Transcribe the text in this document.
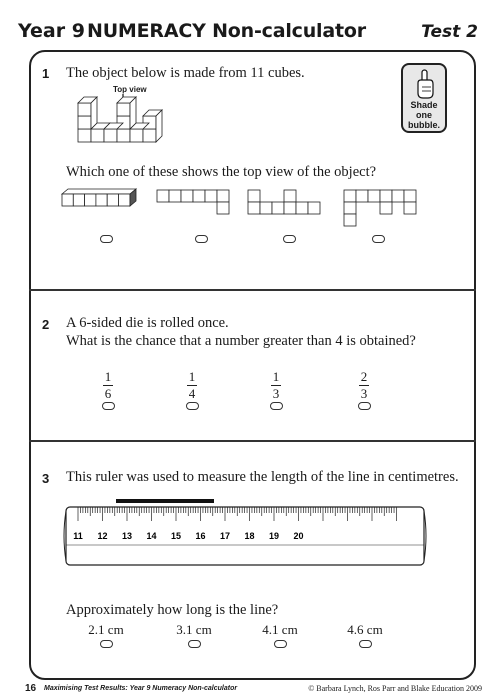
Year 9 NUMERACY Non-calculator	Test 2
Shade
one
bubble.
1 The object below is made from 11 cubes.
Top view
Which one of these shows the top view of the object?
2 A 6-sided die is rolled once.
What is the chance that a number greater than 4 is obtained?
1
6
1
4
1
3
2
3
3 This ruler was used to measure the length of the line in centimetres.
11 12 13 14 15 16 17 18 19 20
Approximately how long is the line?
2.1 cm	3.1 cm	4.1 cm	4.6 cm
16 Maximising Test Results: Year 9 Numeracy Non-calculator	© Barbara Lynch, Ros Parr and Blake Education 2009
